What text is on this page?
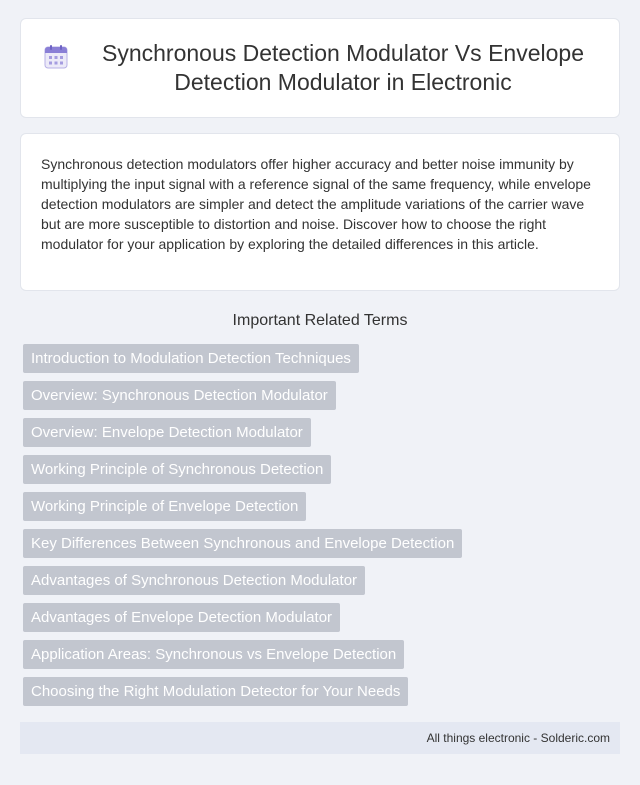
Synchronous Detection Modulator Vs Envelope Detection Modulator in Electronic

Synchronous detection modulators offer higher accuracy and better noise immunity by multiplying the input signal with a reference signal of the same frequency, while envelope detection modulators are simpler and detect the amplitude variations of the carrier wave but are more susceptible to distortion and noise. Discover how to choose the right modulator for your application by exploring the detailed differences in this article.

Important Related Terms
Introduction to Modulation Detection Techniques
Overview: Synchronous Detection Modulator
Overview: Envelope Detection Modulator
Working Principle of Synchronous Detection
Working Principle of Envelope Detection
Key Differences Between Synchronous and Envelope Detection
Advantages of Synchronous Detection Modulator
Advantages of Envelope Detection Modulator
Application Areas: Synchronous vs Envelope Detection
Choosing the Right Modulation Detector for Your Needs
All things electronic - Solderic.com
